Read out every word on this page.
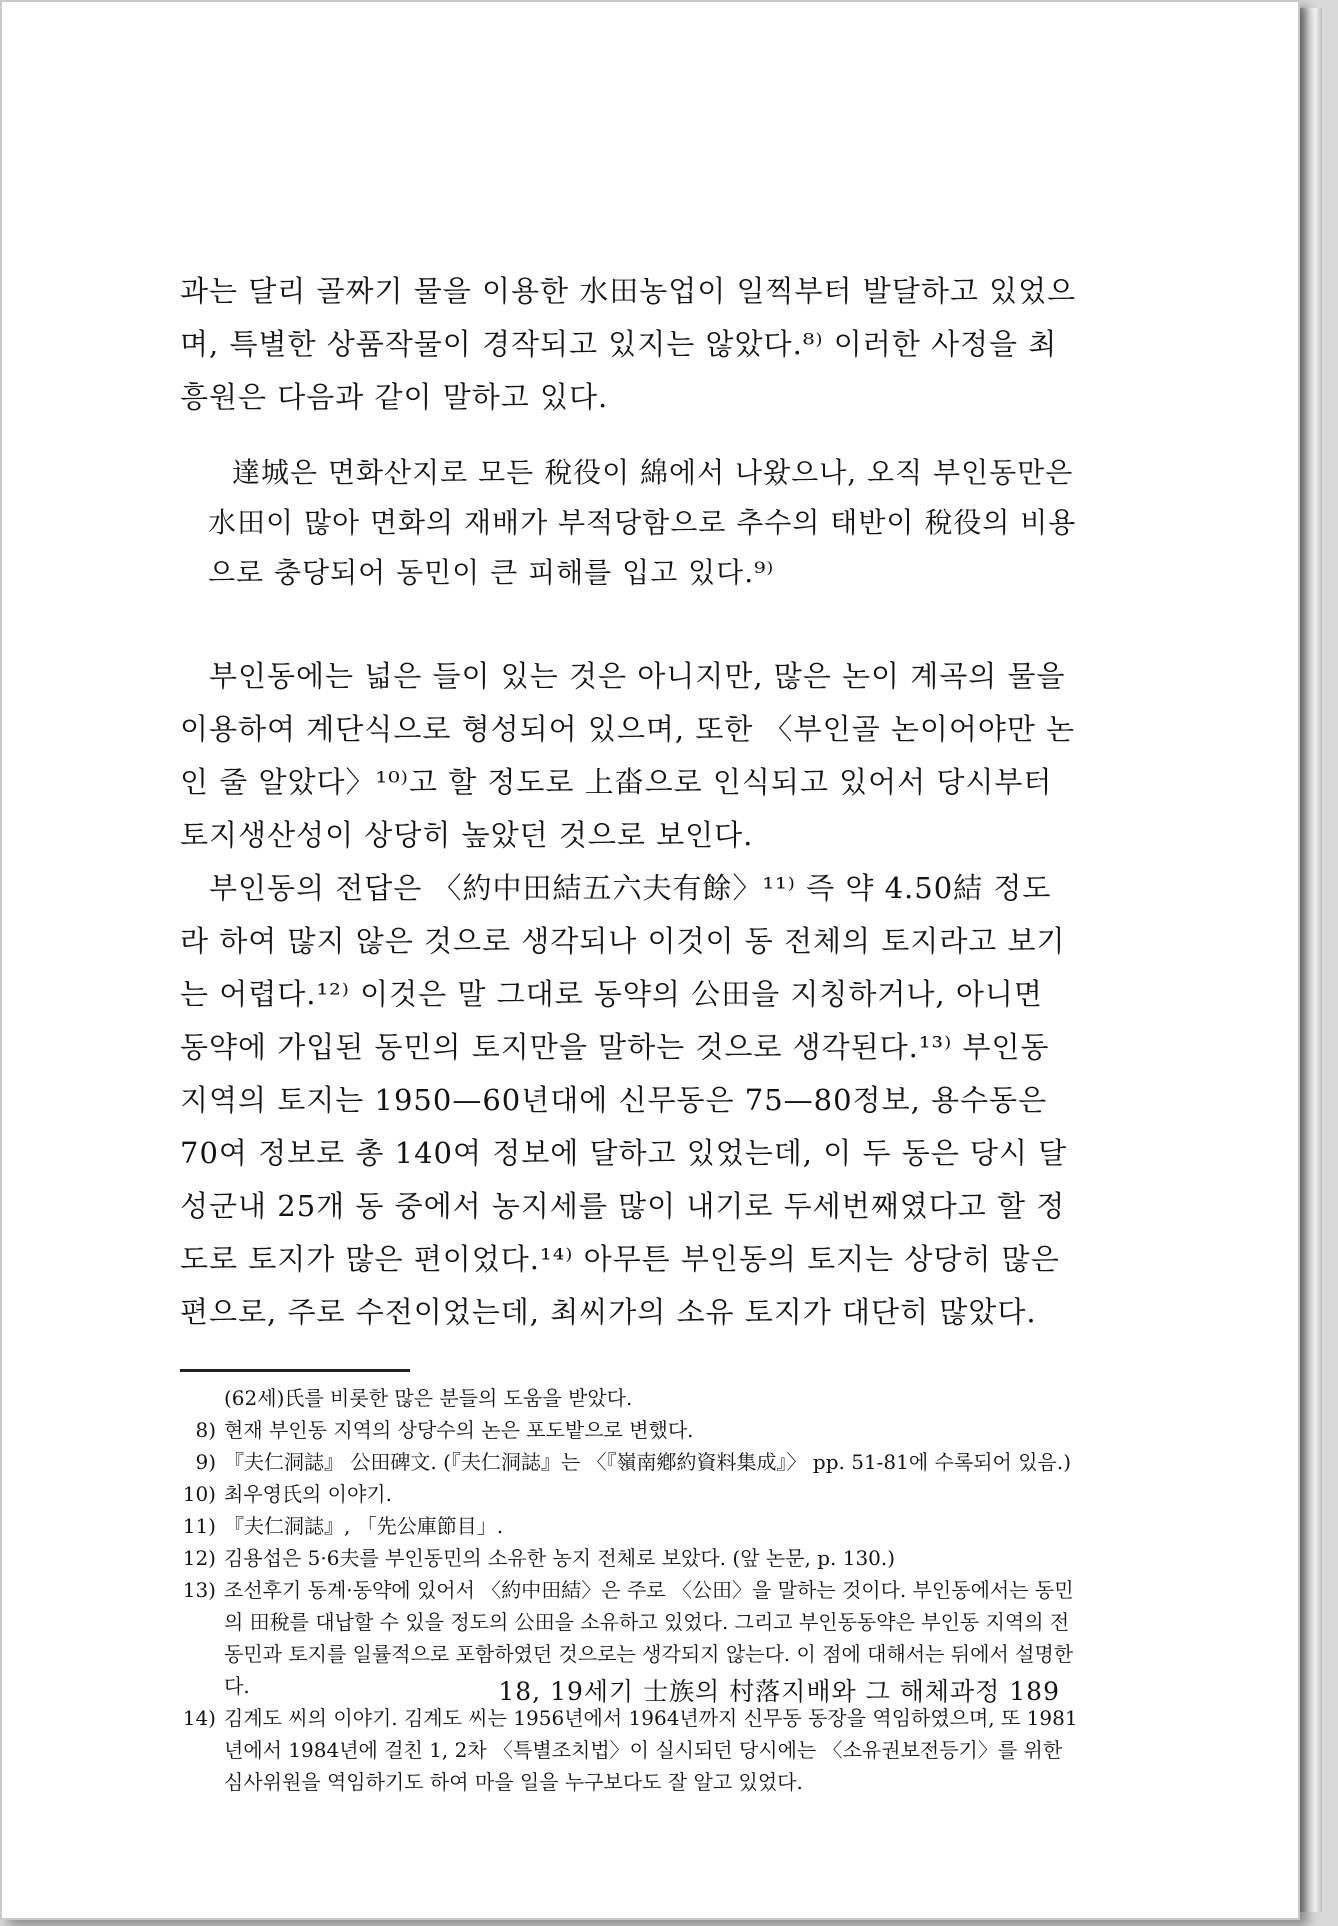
과는 달리 골짜기 물을 이용한 水田농업이 일찍부터 발달하고 있었으며, 특별한 상품작물이 경작되고 있지는 않았다.⁸⁾ 이러한 사정을 최흥원은 다음과 같이 말하고 있다.

達城은 면화산지로 모든 稅役이 綿에서 나왔으나, 오직 부인동만은 水田이 많아 면화의 재배가 부적당함으로 추수의 태반이 稅役의 비용으로 충당되어 동민이 큰 피해를 입고 있다.⁹⁾

부인동에는 넓은 들이 있는 것은 아니지만, 많은 논이 계곡의 물을 이용하여 계단식으로 형성되어 있으며, 또한 〈부인골 논이어야만 논인 줄 알았다〉¹⁰⁾고 할 정도로 上畓으로 인식되고 있어서 당시부터 토지생산성이 상당히 높았던 것으로 보인다.

부인동의 전답은 〈約中田結五六夫有餘〉¹¹⁾ 즉 약 4.50結 정도라 하여 많지 않은 것으로 생각되나 이것이 동 전체의 토지라고 보기는 어렵다.¹²⁾ 이것은 말 그대로 동약의 公田을 지칭하거나, 아니면 동약에 가입된 동민의 토지만을 말하는 것으로 생각된다.¹³⁾ 부인동 지역의 토지는 1950—60년대에 신무동은 75—80정보, 용수동은 70여 정보로 총 140여 정보에 달하고 있었는데, 이 두 동은 당시 달성군내 25개 동 중에서 농지세를 많이 내기로 두세번째였다고 할 정도로 토지가 많은 편이었다.¹⁴⁾ 아무튼 부인동의 토지는 상당히 많은 편으로, 주로 수전이었는데, 최씨가의 소유 토지가 대단히 많았다.

(62세)氏를 비롯한 많은 분들의 도움을 받았다.
8) 현재 부인동 지역의 상당수의 논은 포도밭으로 변했다.
9) 『夫仁洞誌』 公田碑文. (『夫仁洞誌』는 〈『嶺南鄕約資料集成』〉 pp. 51-81에 수록되어 있음.)
10) 최우영氏의 이야기.
11) 『夫仁洞誌』, 「先公庫節目」.
12) 김용섭은 5·6夫를 부인동민의 소유한 농지 전체로 보았다. (앞 논문, p. 130.)
13) 조선후기 동계·동약에 있어서 〈約中田結〉은 주로 〈公田〉을 말하는 것이다. 부인동에서는 동민의 田稅를 대납할 수 있을 정도의 公田을 소유하고 있었다. 그리고 부인동동약은 부인동 지역의 전 동민과 토지를 일률적으로 포함하였던 것으로는 생각되지 않는다. 이 점에 대해서는 뒤에서 설명한다.
14) 김계도 씨의 이야기. 김계도 씨는 1956년에서 1964년까지 신무동 동장을 역임하였으며, 또 1981년에서 1984년에 걸친 1, 2차 〈특별조치법〉이 실시되던 당시에는 〈소유권보전등기〉를 위한 심사위원을 역임하기도 하여 마을 일을 누구보다도 잘 알고 있었다.
18, 19세기 士族의 村落지배와 그 해체과정 189
